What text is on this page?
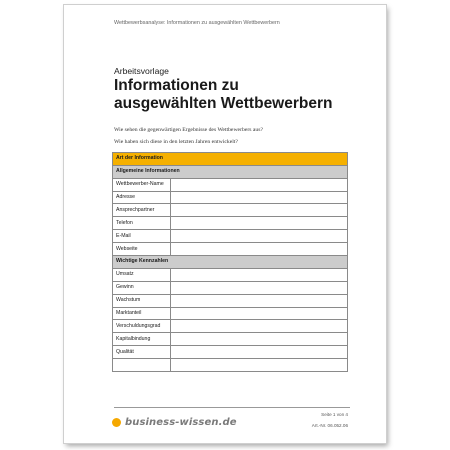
Wettbewerbsanalyse: Informationen zu ausgewählten Wettbewerbern
Arbeitsvorlage
Informationen zu
ausgewählten Wettbewerbern
Wie sehen die gegenwärtigen Ergebnisse des Wettbewerbers aus?
Wie haben sich diese in den letzten Jahren entwickelt?
Art der Information	
Allgemeine Informationen	
Wettbewerber-Name	
Adresse	
Ansprechpartner	
Telefon	
E-Mail	
Webseite	
Wichtige Kennzahlen	
Umsatz	
Gewinn	
Wachstum	
Marktanteil	
Verschuldungsgrad	
Kapitalbindung	
Qualität	

business-wissen.de
Seite 1 von 4
Art.-Nr. 06.052.06
